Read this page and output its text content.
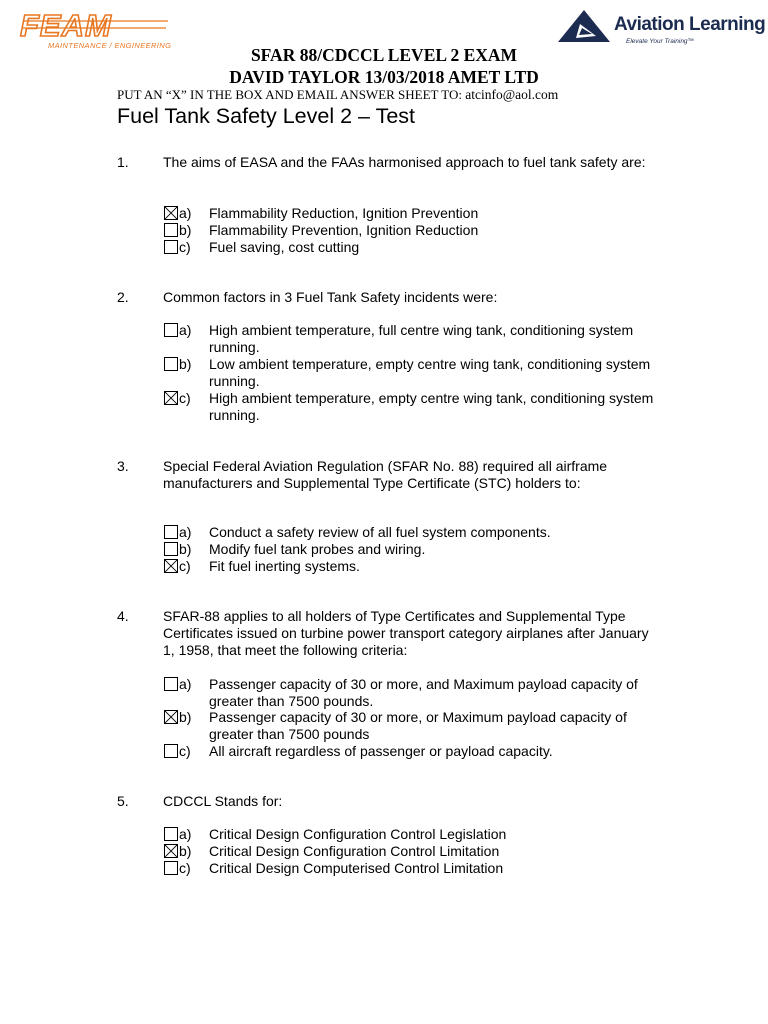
FEAM
MAINTENANCE / ENGINEERING
Aviation Learning
Elevate Your Training™
SFAR 88/CDCCL LEVEL 2 EXAM
DAVID TAYLOR 13/03/2018 AMET LTD
PUT AN “X” IN THE BOX AND EMAIL ANSWER SHEET TO: atcinfo@aol.com
Fuel Tank Safety Level 2 – Test
1. The aims of EASA and the FAAs harmonised approach to fuel tank safety are:
a) Flammability Reduction, Ignition Prevention
b) Flammability Prevention, Ignition Reduction
c) Fuel saving, cost cutting
2. Common factors in 3 Fuel Tank Safety incidents were:
a) High ambient temperature, full centre wing tank, conditioning system running.
b) Low ambient temperature, empty centre wing tank, conditioning system running.
c) High ambient temperature, empty centre wing tank, conditioning system running.
3. Special Federal Aviation Regulation (SFAR No. 88) required all airframe manufacturers and Supplemental Type Certificate (STC) holders to:
a) Conduct a safety review of all fuel system components.
b) Modify fuel tank probes and wiring.
c) Fit fuel inerting systems.
4. SFAR-88 applies to all holders of Type Certificates and Supplemental Type Certificates issued on turbine power transport category airplanes after January 1, 1958, that meet the following criteria:
a) Passenger capacity of 30 or more, and Maximum payload capacity of greater than 7500 pounds.
b) Passenger capacity of 30 or more, or Maximum payload capacity of greater than 7500 pounds
c) All aircraft regardless of passenger or payload capacity.
5. CDCCL Stands for:
a) Critical Design Configuration Control Legislation
b) Critical Design Configuration Control Limitation
c) Critical Design Computerised Control Limitation
